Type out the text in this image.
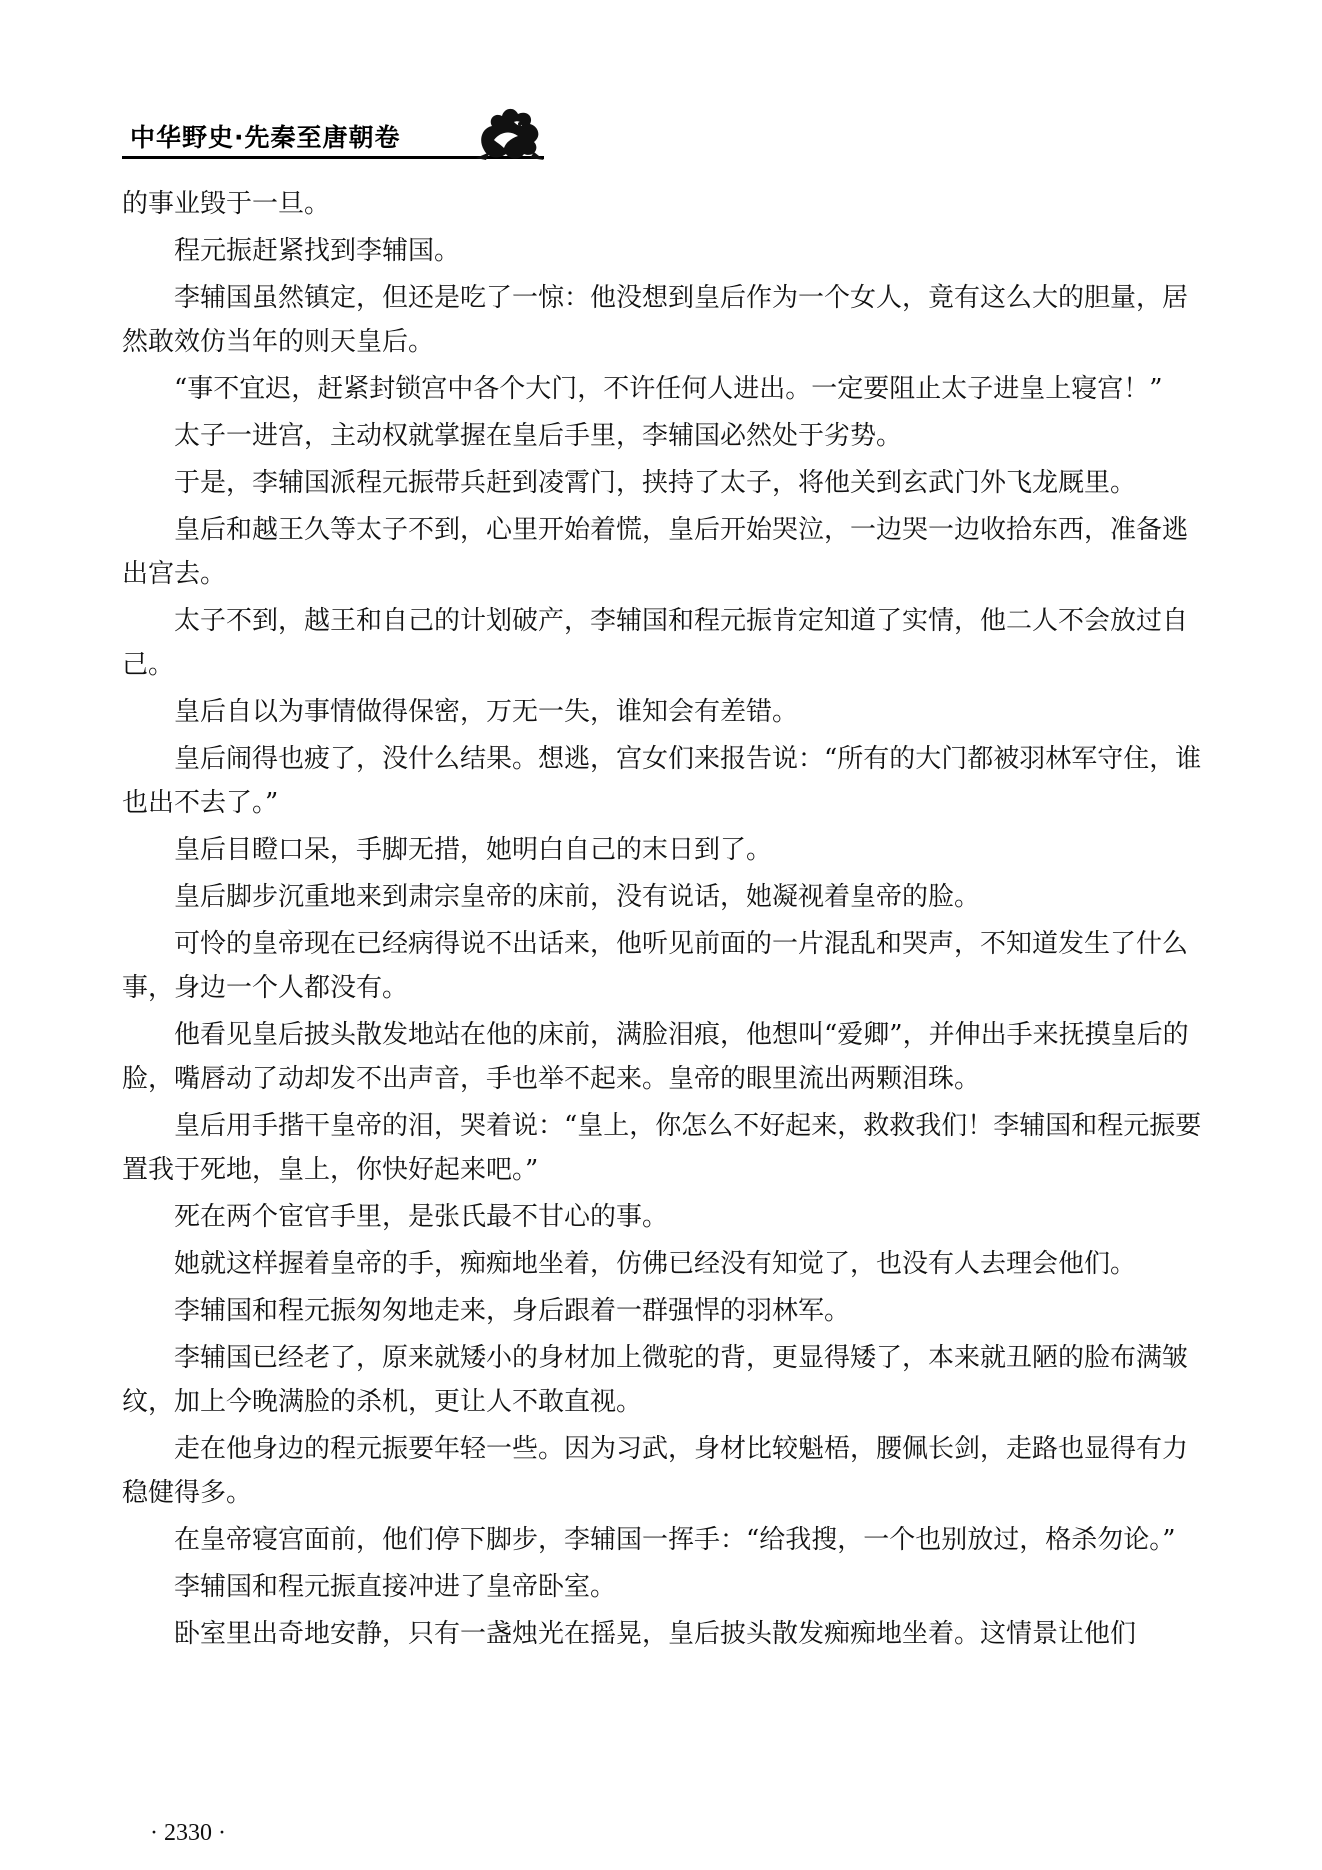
中华野史·先秦至唐朝卷

的事业毁于一旦。

程元振赶紧找到李辅国。

李辅国虽然镇定，但还是吃了一惊：他没想到皇后作为一个女人，竟有这么大的胆量，居然敢效仿当年的则天皇后。

“事不宜迟，赶紧封锁宫中各个大门，不许任何人进出。一定要阻止太子进皇上寝宫！”

太子一进宫，主动权就掌握在皇后手里，李辅国必然处于劣势。

于是，李辅国派程元振带兵赶到凌霄门，挟持了太子，将他关到玄武门外飞龙厩里。

皇后和越王久等太子不到，心里开始着慌，皇后开始哭泣，一边哭一边收拾东西，准备逃出宫去。

太子不到，越王和自己的计划破产，李辅国和程元振肯定知道了实情，他二人不会放过自己。

皇后自以为事情做得保密，万无一失，谁知会有差错。

皇后闹得也疲了，没什么结果。想逃，宫女们来报告说：“所有的大门都被羽林军守住，谁也出不去了。”

皇后目瞪口呆，手脚无措，她明白自己的末日到了。

皇后脚步沉重地来到肃宗皇帝的床前，没有说话，她凝视着皇帝的脸。

可怜的皇帝现在已经病得说不出话来，他听见前面的一片混乱和哭声，不知道发生了什么事，身边一个人都没有。

他看见皇后披头散发地站在他的床前，满脸泪痕，他想叫“爱卿”，并伸出手来抚摸皇后的脸，嘴唇动了动却发不出声音，手也举不起来。皇帝的眼里流出两颗泪珠。

皇后用手揩干皇帝的泪，哭着说：“皇上，你怎么不好起来，救救我们！李辅国和程元振要置我于死地，皇上，你快好起来吧。”

死在两个宦官手里，是张氏最不甘心的事。

她就这样握着皇帝的手，痴痴地坐着，仿佛已经没有知觉了，也没有人去理会他们。

李辅国和程元振匆匆地走来，身后跟着一群强悍的羽林军。

李辅国已经老了，原来就矮小的身材加上微驼的背，更显得矮了，本来就丑陋的脸布满皱纹，加上今晚满脸的杀机，更让人不敢直视。

走在他身边的程元振要年轻一些。因为习武，身材比较魁梧，腰佩长剑，走路也显得有力稳健得多。

在皇帝寝宫面前，他们停下脚步，李辅国一挥手：“给我搜，一个也别放过，格杀勿论。”

李辅国和程元振直接冲进了皇帝卧室。

卧室里出奇地安静，只有一盏烛光在摇晃，皇后披头散发痴痴地坐着。这情景让他们

· 2330 ·
